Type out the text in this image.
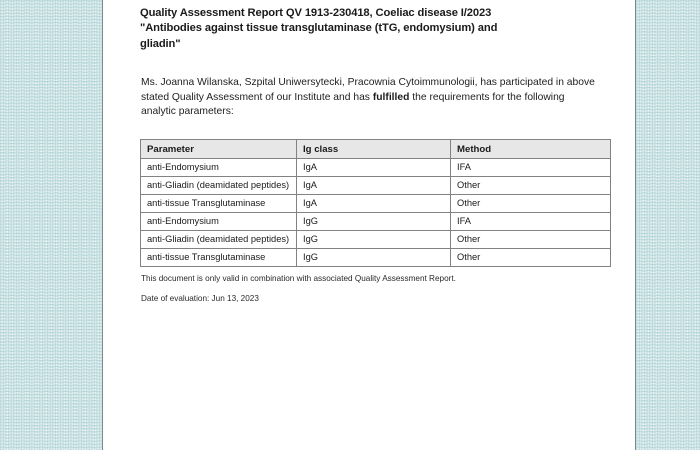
Quality Assessment Report QV 1913-230418, Coeliac disease I/2023
"Antibodies against tissue transglutaminase (tTG, endomysium) and
gliadin"
Ms. Joanna Wilanska, Szpital Uniwersytecki, Pracownia Cytoimmunologii, has participated in above stated Quality Assessment of our Institute and has fulfilled the requirements for the following analytic parameters:
Parameter	Ig class	Method
anti-Endomysium	IgA	IFA
anti-Gliadin (deamidated peptides)	IgA	Other
anti-tissue Transglutaminase	IgA	Other
anti-Endomysium	IgG	IFA
anti-Gliadin (deamidated peptides)	IgG	Other
anti-tissue Transglutaminase	IgG	Other
This document is only valid in combination with associated Quality Assessment Report.
Date of evaluation: Jun 13, 2023
